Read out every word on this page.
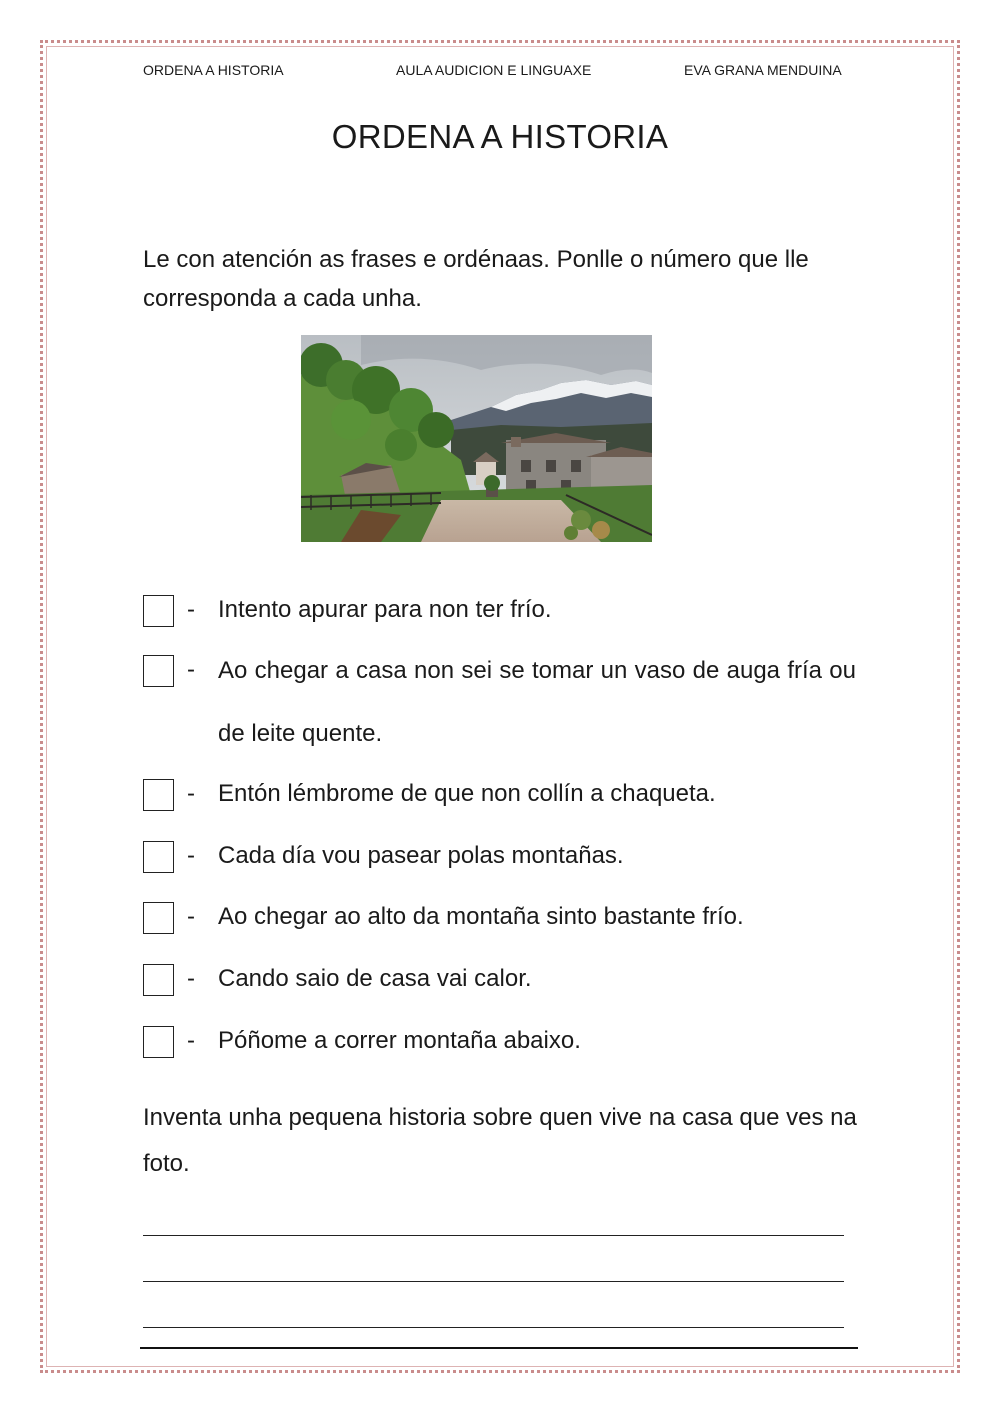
ORDENA A HISTORIA	AULA AUDICION E LINGUAXE	EVA GRANA MENDUINA
ORDENA A HISTORIA

Le con atención as frases e ordénaas. Ponlle o número que lle corresponda a cada unha.

- Intento apurar para non ter frío.
- Ao chegar a casa non sei se tomar un vaso de auga fría ou de leite quente.
- Entón lémbrome de que non collín a chaqueta.
- Cada día vou pasear polas montañas.
- Ao chegar ao alto da montaña sinto bastante frío.
- Cando saio de casa vai calor.
- Póñome a correr montaña abaixo.

Inventa unha pequena historia sobre quen vive na casa que ves na foto.
